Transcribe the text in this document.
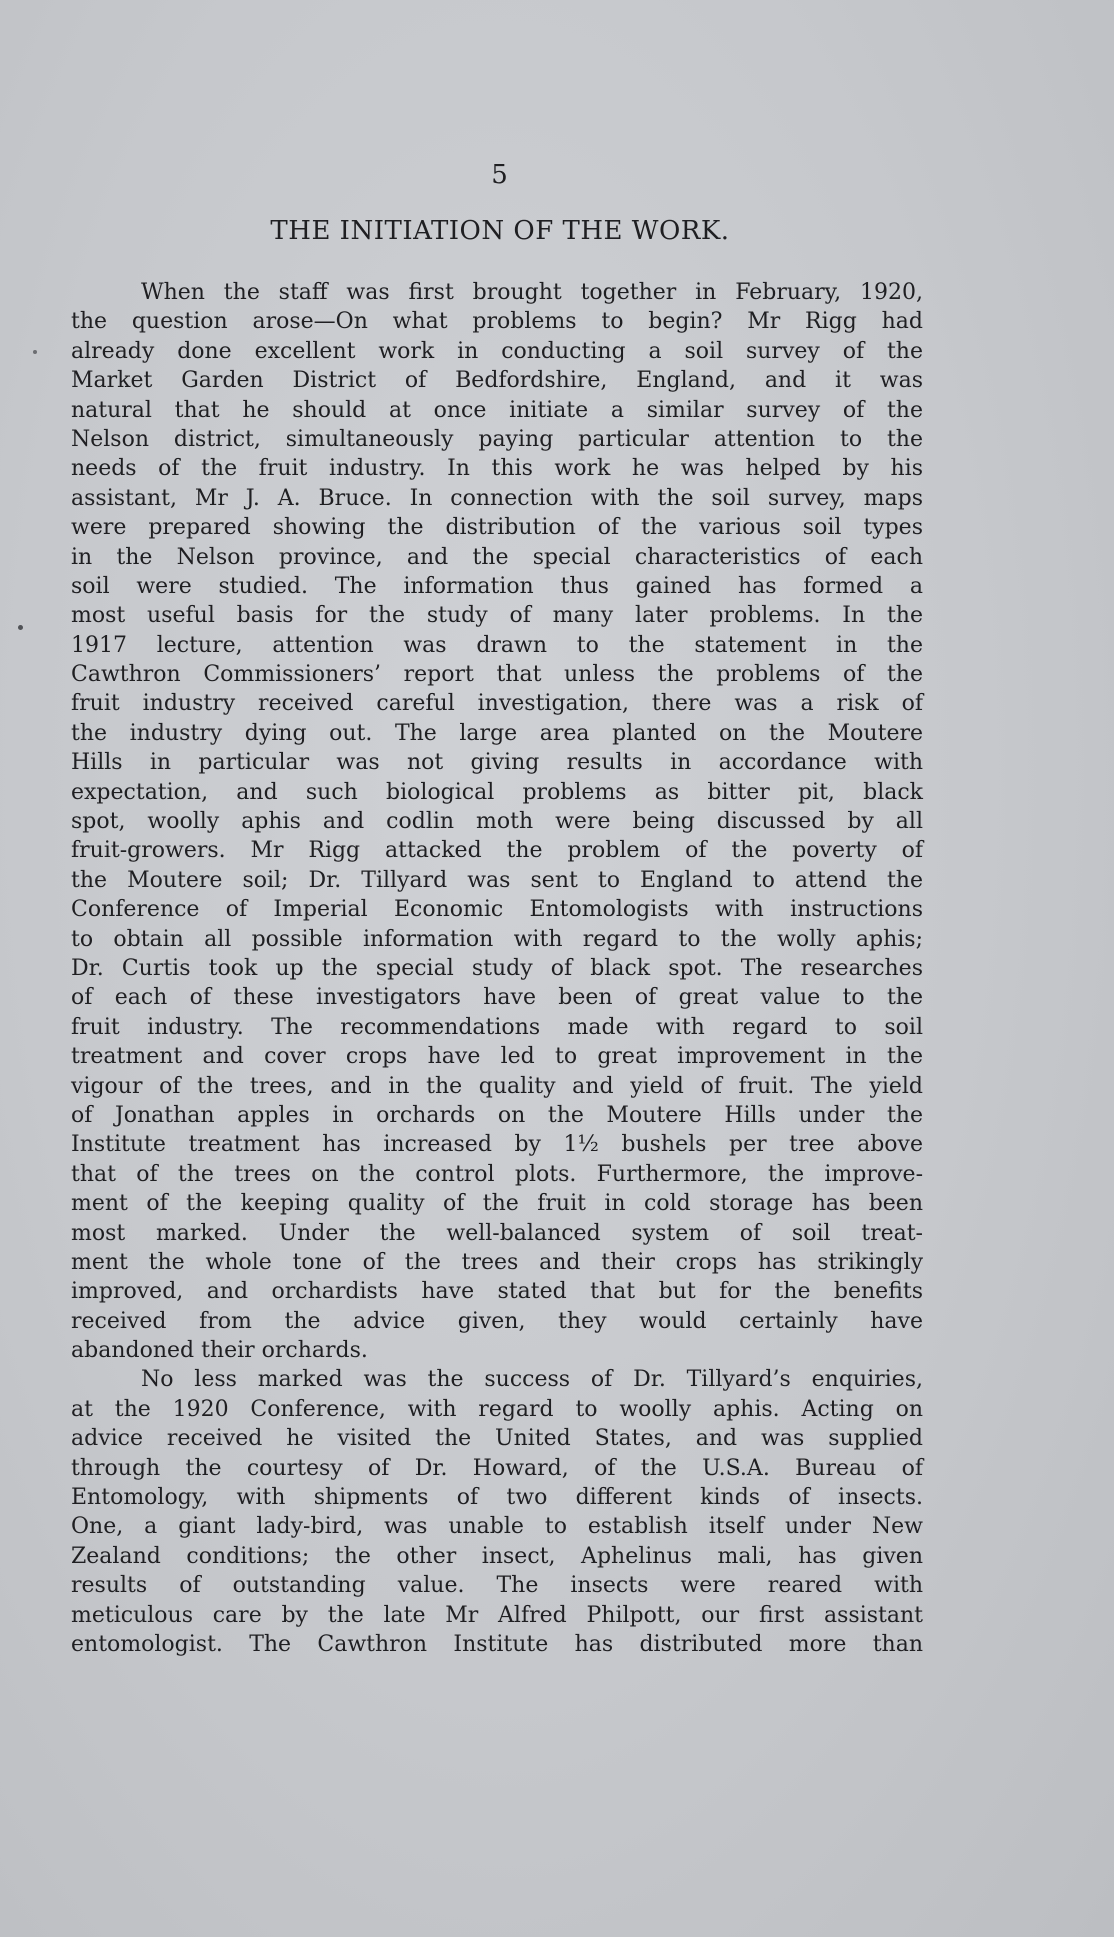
5
THE INITIATION OF THE WORK.
When the staff was first brought together in February, 1920,
the question arose—On what problems to begin? Mr Rigg had
already done excellent work in conducting a soil survey of the
Market Garden District of Bedfordshire, England, and it was
natural that he should at once initiate a similar survey of the
Nelson district, simultaneously paying particular attention to the
needs of the fruit industry. In this work he was helped by his
assistant, Mr J. A. Bruce. In connection with the soil survey, maps
were prepared showing the distribution of the various soil types
in the Nelson province, and the special characteristics of each
soil were studied. The information thus gained has formed a
most useful basis for the study of many later problems. In the
1917 lecture, attention was drawn to the statement in the
Cawthron Commissioners’ report that unless the problems of the
fruit industry received careful investigation, there was a risk of
the industry dying out. The large area planted on the Moutere
Hills in particular was not giving results in accordance with
expectation, and such biological problems as bitter pit, black
spot, woolly aphis and codlin moth were being discussed by all
fruit-growers. Mr Rigg attacked the problem of the poverty of
the Moutere soil; Dr. Tillyard was sent to England to attend the
Conference of Imperial Economic Entomologists with instructions
to obtain all possible information with regard to the wolly aphis;
Dr. Curtis took up the special study of black spot. The researches
of each of these investigators have been of great value to the
fruit industry. The recommendations made with regard to soil
treatment and cover crops have led to great improvement in the
vigour of the trees, and in the quality and yield of fruit. The yield
of Jonathan apples in orchards on the Moutere Hills under the
Institute treatment has increased by 1½ bushels per tree above
that of the trees on the control plots. Furthermore, the improve-
ment of the keeping quality of the fruit in cold storage has been
most marked. Under the well-balanced system of soil treat-
ment the whole tone of the trees and their crops has strikingly
improved, and orchardists have stated that but for the benefits
received from the advice given, they would certainly have
abandoned their orchards.
No less marked was the success of Dr. Tillyard’s enquiries,
at the 1920 Conference, with regard to woolly aphis. Acting on
advice received he visited the United States, and was supplied
through the courtesy of Dr. Howard, of the U.S.A. Bureau of
Entomology, with shipments of two different kinds of insects.
One, a giant lady-bird, was unable to establish itself under New
Zealand conditions; the other insect, Aphelinus mali, has given
results of outstanding value. The insects were reared with
meticulous care by the late Mr Alfred Philpott, our first assistant
entomologist. The Cawthron Institute has distributed more than
